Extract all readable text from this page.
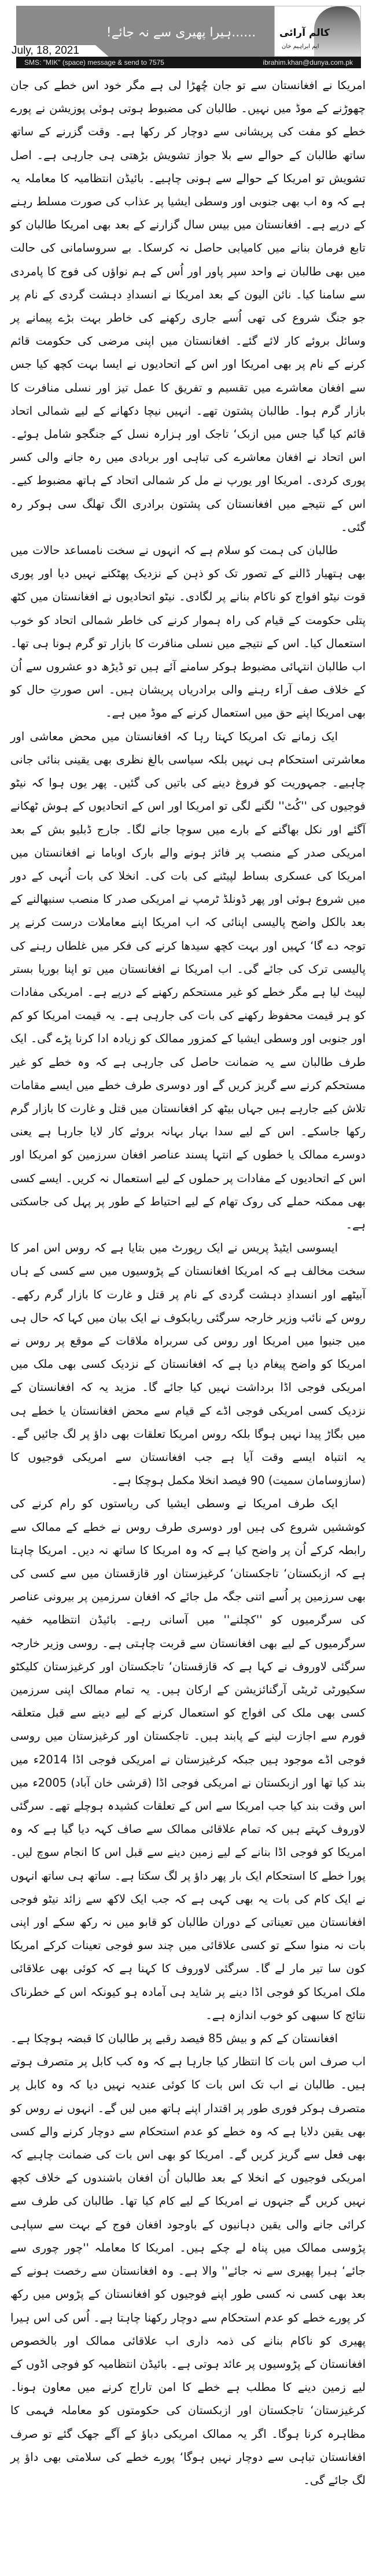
......ہیرا پھیری سے نہ جائے!
July, 18, 2021
کالم آرائی
ایم ابراہیم خان
SMS: "MIK" (space) message & send to 7575	ibrahim.khan@dunya.com.pk

امریکا نے افغانستان سے تو جان چُھڑا لی ہے مگر خود اس خطے کی جان چھوڑنے کے موڈ میں نہیں۔ طالبان کی مضبوط ہوتی ہوئی پوزیشن نے پورے خطے کو مفت کی پریشانی سے دوچار کر رکھا ہے۔ وقت گزرنے کے ساتھ ساتھ طالبان کے حوالے سے بلا جواز تشویش بڑھتی ہی جارہی ہے۔ اصل تشویش تو امریکا کے حوالے سے ہونی چاہیے۔ بائیڈن انتظامیہ کا معاملہ یہ ہے کہ وہ اب بھی جنوبی اور وسطی ایشیا پر عذاب کی صورت مسلط رہنے کے درپے ہے۔ افغانستان میں بیس سال گزارنے کے بعد بھی امریکا طالبان کو تابع فرمان بنانے میں کامیابی حاصل نہ کرسکا۔ بے سروسامانی کی حالت میں بھی طالبان نے واحد سپر پاور اور اُس کے ہم نواؤں کی فوج کا پامردی سے سامنا کیا۔ نائن الیون کے بعد امریکا نے انسدادِ دہشت گردی کے نام پر جو جنگ شروع کی تھی اُسے جاری رکھنے کی خاطر بہت بڑے پیمانے پر وسائل بروئے کار لائے گئے۔ افغانستان میں اپنی مرضی کی حکومت قائم کرنے کے نام پر بھی امریکا اور اس کے اتحادیوں نے ایسا بہت کچھ کیا جس سے افغان معاشرے میں تقسیم و تفریق کا عمل تیز اور نسلی منافرت کا بازار گرم ہوا۔ طالبان پشتون تھے۔ انہیں نیچا دکھانے کے لیے شمالی اتحاد قائم کیا گیا جس میں ازبک‘ تاجک اور ہزارہ نسل کے جنگجو شامل ہوئے۔ اس اتحاد نے افغان معاشرے کی تباہی اور بربادی میں رہ جانے والی کسر پوری کردی۔ امریکا اور یورپ نے مل کر شمالی اتحاد کے ہاتھ مضبوط کیے۔ اس کے نتیجے میں افغانستان کی پشتون برادری الگ تھلگ سی ہوکر رہ گئی۔

طالبان کی ہمت کو سلام ہے کہ انہوں نے سخت نامساعد حالات میں بھی ہتھیار ڈالنے کے تصور تک کو ذہن کے نزدیک پھٹکنے نہیں دیا اور پوری قوت نیٹو افواج کو ناکام بنانے پر لگادی۔ نیٹو اتحادیوں نے افغانستان میں کٹھ پتلی حکومت کے قیام کی راہ ہموار کرنے کی خاطر شمالی اتحاد کو خوب استعمال کیا۔ اس کے نتیجے میں نسلی منافرت کا بازار تو گرم ہونا ہی تھا۔ اب طالبان انتہائی مضبوط ہوکر سامنے آئے ہیں تو ڈیڑھ دو عشروں سے اُن کے خلاف صف آراء رہنے والی برادریاں پریشان ہیں۔ اس صورتِ حال کو بھی امریکا اپنے حق میں استعمال کرنے کے موڈ میں ہے۔

ایک زمانے تک امریکا کہتا رہا کہ افغانستان میں محض معاشی اور معاشرتی استحکام ہی نہیں بلکہ سیاسی بالغ نظری بھی یقینی بنائی جانی چاہیے۔ جمہوریت کو فروغ دینے کی باتیں کی گئیں۔ پھر یوں ہوا کہ نیٹو فوجیوں کی ''کُٹ'' لگنے لگی تو امریکا اور اس کے اتحادیوں کے ہوش ٹھکانے آگئے اور نکل بھاگنے کے بارے میں سوچا جانے لگا۔ جارج ڈبلیو بش کے بعد امریکی صدر کے منصب پر فائز ہونے والے بارک اوباما نے افغانستان میں امریکا کی عسکری بساط لپیٹنے کی بات کی۔ انخلا کی بات اُنہی کے دور میں شروع ہوئی اور پھر ڈونلڈ ٹرمپ نے امریکی صدر کا منصب سنبھالنے کے بعد بالکل واضح پالیسی اپنائی کہ اب امریکا اپنے معاملات درست کرنے پر توجہ دے گا‘ کہیں اور بہت کچھ سیدھا کرنے کی فکر میں غلطاں رہنے کی پالیسی ترک کی جائے گی۔ اب امریکا نے افغانستان میں تو اپنا بوریا بستر لپیٹ لیا ہے مگر خطے کو غیر مستحکم رکھنے کے درپے ہے۔ امریکی مفادات کو ہر قیمت محفوظ رکھنے کی بات کی جارہی ہے۔ یہ قیمت امریکا کو کم اور جنوبی اور وسطی ایشیا کے کمزور ممالک کو زیادہ ادا کرنا پڑے گی۔ ایک طرف طالبان سے یہ ضمانت حاصل کی جارہی ہے کہ وہ خطے کو غیر مستحکم کرنے سے گریز کریں گے اور دوسری طرف خطے میں ایسے مقامات تلاش کیے جارہے ہیں جہاں بیٹھ کر افغانستان میں قتل و غارت کا بازار گرم رکھا جاسکے۔ اس کے لیے سدا بہار بہانہ بروئے کار لایا جارہا ہے یعنی دوسرے ممالک یا خطوں کے انتہا پسند عناصر افغان سرزمین کو امریکا اور اس کے اتحادیوں کے مفادات پر حملوں کے لیے استعمال نہ کریں۔ ایسے کسی بھی ممکنہ حملے کی روک تھام کے لیے احتیاط کے طور پر پہل کی جاسکتی ہے۔

ایسوسی ایٹیڈ پریس نے ایک رپورٹ میں بتایا ہے کہ روس اس امر کا سخت مخالف ہے کہ امریکا افغانستان کے پڑوسیوں میں سے کسی کے ہاں آبیٹھے اور انسدادِ دہشت گردی کے نام پر قتل و غارت کا بازار گرم رکھے۔ روس کے نائب وزیر خارجہ سرگئی ریابکوف نے ایک بیان میں کہا کہ حال ہی میں جنیوا میں امریکا اور روس کی سربراہ ملاقات کے موقع پر روس نے امریکا کو واضح پیغام دیا ہے کہ افغانستان کے نزدیک کسی بھی ملک میں امریکی فوجی اڈا برداشت نہیں کیا جائے گا۔ مزید یہ کہ افغانستان کے نزدیک کسی امریکی فوجی اڈے کے قیام سے محض افغانستان یا خطے ہی میں بگاڑ پیدا نہیں ہوگا بلکہ روس امریکا تعلقات بھی داؤ پر لگ جائیں گے۔ یہ انتباہ ایسے وقت آیا ہے جب افغانستان سے امریکی فوجیوں کا (سازوسامان سمیت) 90 فیصد انخلا مکمل ہوچکا ہے۔

ایک طرف امریکا نے وسطی ایشیا کی ریاستوں کو رام کرنے کی کوششیں شروع کی ہیں اور دوسری طرف روس نے خطے کے ممالک سے رابطہ کرکے اُن پر واضح کیا ہے کہ وہ امریکا کا ساتھ نہ دیں۔ امریکا چاہتا ہے کہ ازبکستان‘ تاجکستان‘ کرغیزستان اور قازقستان میں سے کسی کی بھی سرزمین پر اُسے اتنی جگہ مل جائے کہ افغان سرزمین پر بیرونی عناصر کی سرگرمیوں کو ''کچلنے'' میں آسانی رہے۔ بائیڈن انتظامیہ خفیہ سرگرمیوں کے لیے بھی افغانستان سے قربت چاہتی ہے۔ روسی وزیر خارجہ سرگئی لاوروف نے کہا ہے کہ قازقستان‘ تاجکستان اور کرغیزستان کلیکٹو سکیورٹی ٹریٹی آرگنائزیشن کے ارکان ہیں۔ یہ تمام ممالک اپنی سرزمین کسی بھی ملک کی افواج کو استعمال کرنے کے لیے دینے سے قبل متعلقہ فورم سے اجازت لینے کے پابند ہیں۔ تاجکستان اور کرغیزستان میں روسی فوجی اڈے موجود ہیں جبکہ کرغیزستان نے امریکی فوجی اڈا 2014ء میں بند کیا تھا اور ازبکستان نے امریکی فوجی اڈا (قرشی خان آباد) 2005ء میں اس وقت بند کیا جب امریکا سے اس کے تعلقات کشیدہ ہوچلے تھے۔ سرگئی لاوروف کہتے ہیں کہ تمام علاقائی ممالک سے صاف کہہ دیا گیا ہے کہ وہ امریکا کو فوجی اڈا بنانے کے لیے زمین دینے سے قبل اس کا انجام سوچ لیں۔ پورا خطے کا استحکام ایک بار پھر داؤ پر لگ سکتا ہے۔ ساتھ ہی ساتھ انہوں نے ایک کام کی بات یہ بھی کہی ہے کہ جب ایک لاکھ سے زائد نیٹو فوجی افغانستان میں تعیناتی کے دوران طالبان کو قابو میں نہ رکھ سکے اور اپنی بات نہ منوا سکے تو کسی علاقائی میں چند سو فوجی تعینات کرکے امریکا کون سا تیر مار لے گا۔ سرگئی لاوروف کا کہنا ہے کہ کوئی بھی علاقائی ملک امریکا کو فوجی اڈا دینے پر شاید ہی آمادہ ہو کیونکہ اس کے خطرناک نتائج کا سبھی کو خوب اندازہ ہے۔

افغانستان کے کم و بیش 85 فیصد رقبے پر طالبان کا قبضہ ہوچکا ہے۔ اب صرف اس بات کا انتظار کیا جارہا ہے کہ وہ کب کابل پر متصرف ہوتے ہیں۔ طالبان نے اب تک اس بات کا کوئی عندیہ نہیں دیا کہ وہ کابل پر متصرف ہوکر فوری طور پر اقتدار اپنے ہاتھ میں لیں گے۔ انہوں نے روس کو بھی یقین دلایا ہے کہ وہ خطے کو عدم استحکام سے دوچار کرنے والے کسی بھی فعل سے گریز کریں گے۔ امریکا کو بھی اس بات کی ضمانت چاہیے کہ امریکی فوجیوں کے انخلا کے بعد طالبان اُن افغان باشندوں کے خلاف کچھ نہیں کریں گے جنہوں نے امریکا کے لیے کام کیا تھا۔ طالبان کی طرف سے کرائی جانے والی یقین دہانیوں کے باوجود افغان فوج کے بہت سے سپاہی پڑوسی ممالک میں پناہ لے چکے ہیں۔ امریکا کا معاملہ ''چور چوری سے جائے‘ ہیرا پھیری سے نہ جائے'' والا ہے۔ وہ افغانستان سے رخصت ہونے کے بعد بھی کسی نہ کسی طور اپنے فوجیوں کو افغانستان کے پڑوس میں رکھ کر پورے خطے کو عدم استحکام سے دوچار رکھنا چاہتا ہے۔ اُس کی اس ہیرا پھیری کو ناکام بنانے کی ذمہ داری اب علاقائی ممالک اور بالخصوص افغانستان کے پڑوسیوں پر عائد ہوتی ہے۔ بائیڈن انتظامیہ کو فوجی اڈوں کے لیے زمین دینے کا مطلب ہے خطے کا امن تاراج کرنے میں معاون ہونا۔ کرغیزستان‘ تاجکستان اور ازبکستان کی حکومتوں کو معاملہ فہمی کا مظاہرہ کرنا ہوگا۔ اگر یہ ممالک امریکی دباؤ کے آگے جھک گئے تو صرف افغانستان تباہی سے دوچار نہیں ہوگا‘ پورے خطے کی سلامتی بھی داؤ پر لگ جائے گی۔
